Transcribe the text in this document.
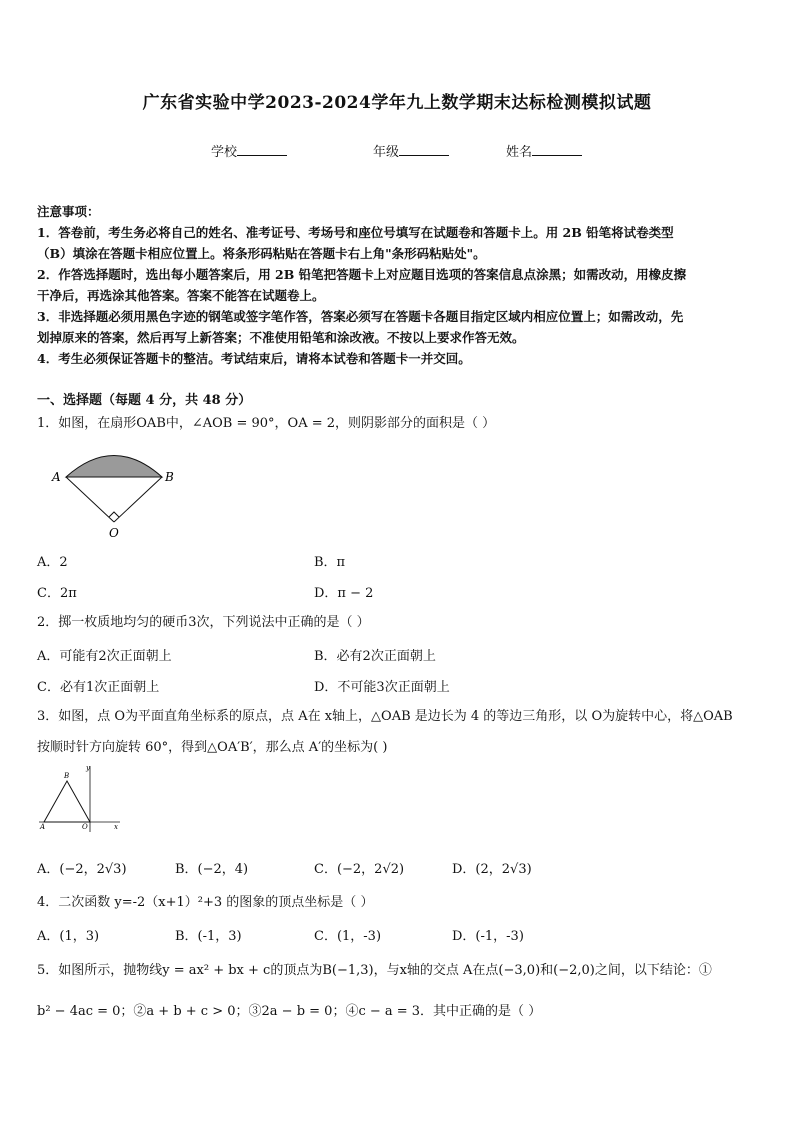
广东省实验中学2023-2024学年九上数学期末达标检测模拟试题
学校	年级	姓名
注意事项：
1．答卷前，考生务必将自己的姓名、准考证号、考场号和座位号填写在试题卷和答题卡上。用 2B 铅笔将试卷类型
（B）填涂在答题卡相应位置上。将条形码粘贴在答题卡右上角"条形码粘贴处"。
2．作答选择题时，选出每小题答案后，用 2B 铅笔把答题卡上对应题目选项的答案信息点涂黑；如需改动，用橡皮擦
干净后，再选涂其他答案。答案不能答在试题卷上。
3．非选择题必须用黑色字迹的钢笔或签字笔作答，答案必须写在答题卡各题目指定区域内相应位置上；如需改动，先
划掉原来的答案，然后再写上新答案；不准使用铅笔和涂改液。不按以上要求作答无效。
4．考生必须保证答题卡的整洁。考试结束后，请将本试卷和答题卡一并交回。
一、选择题（每题 4 分，共 48 分）
1．如图，在扇形OAB中，∠AOB = 90°，OA = 2，则阴影部分的面积是（ ）
A	B
O
A．2	B．π
C．2π	D．π − 2
2．掷一枚质地均匀的硬币3次，下列说法中正确的是（ ）
A．可能有2次正面朝上	B．必有2次正面朝上
C．必有1次正面朝上	D．不可能3次正面朝上
3．如图，点 O为平面直角坐标系的原点，点 A在 x轴上，△OAB 是边长为 4 的等边三角形，以 O为旋转中心，将△OAB
按顺时针方向旋转 60°，得到△OA′B′，那么点 A′的坐标为( )
y
B
A	O	x
A．(−2，2√3)	B．(−2，4)	C．(−2，2√2)	D．(2，2√3)
4．二次函数 y=-2（x+1）²+3 的图象的顶点坐标是（ ）
A．(1，3)	B．(-1，3)	C．(1，-3)	D．(-1，-3)
5．如图所示，抛物线y = ax² + bx + c的顶点为B(−1,3)，与x轴的交点 A在点(−3,0)和(−2,0)之间，以下结论：①
b² − 4ac = 0；②a + b + c > 0；③2a − b = 0；④c − a = 3．其中正确的是（ ）
